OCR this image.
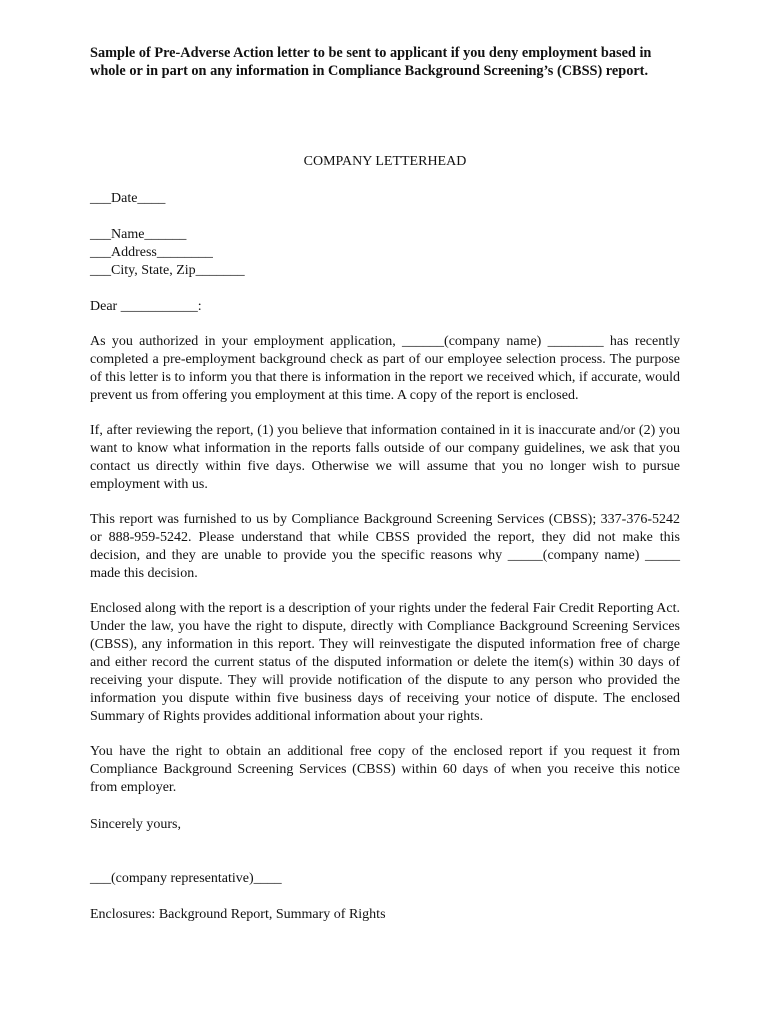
Sample of Pre-Adverse Action letter to be sent to applicant if you deny employment based in whole or in part on any information in Compliance Background Screening’s (CBSS) report.

COMPANY LETTERHEAD

___Date____

___Name______

___Address________

___City, State, Zip_______

Dear ___________:

As you authorized in your employment application, ______(company name) ________ has recently completed a pre-employment background check as part of our employee selection process. The purpose of this letter is to inform you that there is information in the report we received which, if accurate, would prevent us from offering you employment at this time. A copy of the report is enclosed.

If, after reviewing the report, (1) you believe that information contained in it is inaccurate and/or (2) you want to know what information in the reports falls outside of our company guidelines, we ask that you contact us directly within five days. Otherwise we will assume that you no longer wish to pursue employment with us.

This report was furnished to us by Compliance Background Screening Services (CBSS); 337-376-5242 or 888-959-5242. Please understand that while CBSS provided the report, they did not make this decision, and they are unable to provide you the specific reasons why _____(company name) _____ made this decision.

Enclosed along with the report is a description of your rights under the federal Fair Credit Reporting Act. Under the law, you have the right to dispute, directly with Compliance Background Screening Services (CBSS), any information in this report. They will reinvestigate the disputed information free of charge and either record the current status of the disputed information or delete the item(s) within 30 days of receiving your dispute. They will provide notification of the dispute to any person who provided the information you dispute within five business days of receiving your notice of dispute. The enclosed Summary of Rights provides additional information about your rights.

You have the right to obtain an additional free copy of the enclosed report if you request it from Compliance Background Screening Services (CBSS) within 60 days of when you receive this notice from employer.

Sincerely yours,

___(company representative)____

Enclosures: Background Report, Summary of Rights
